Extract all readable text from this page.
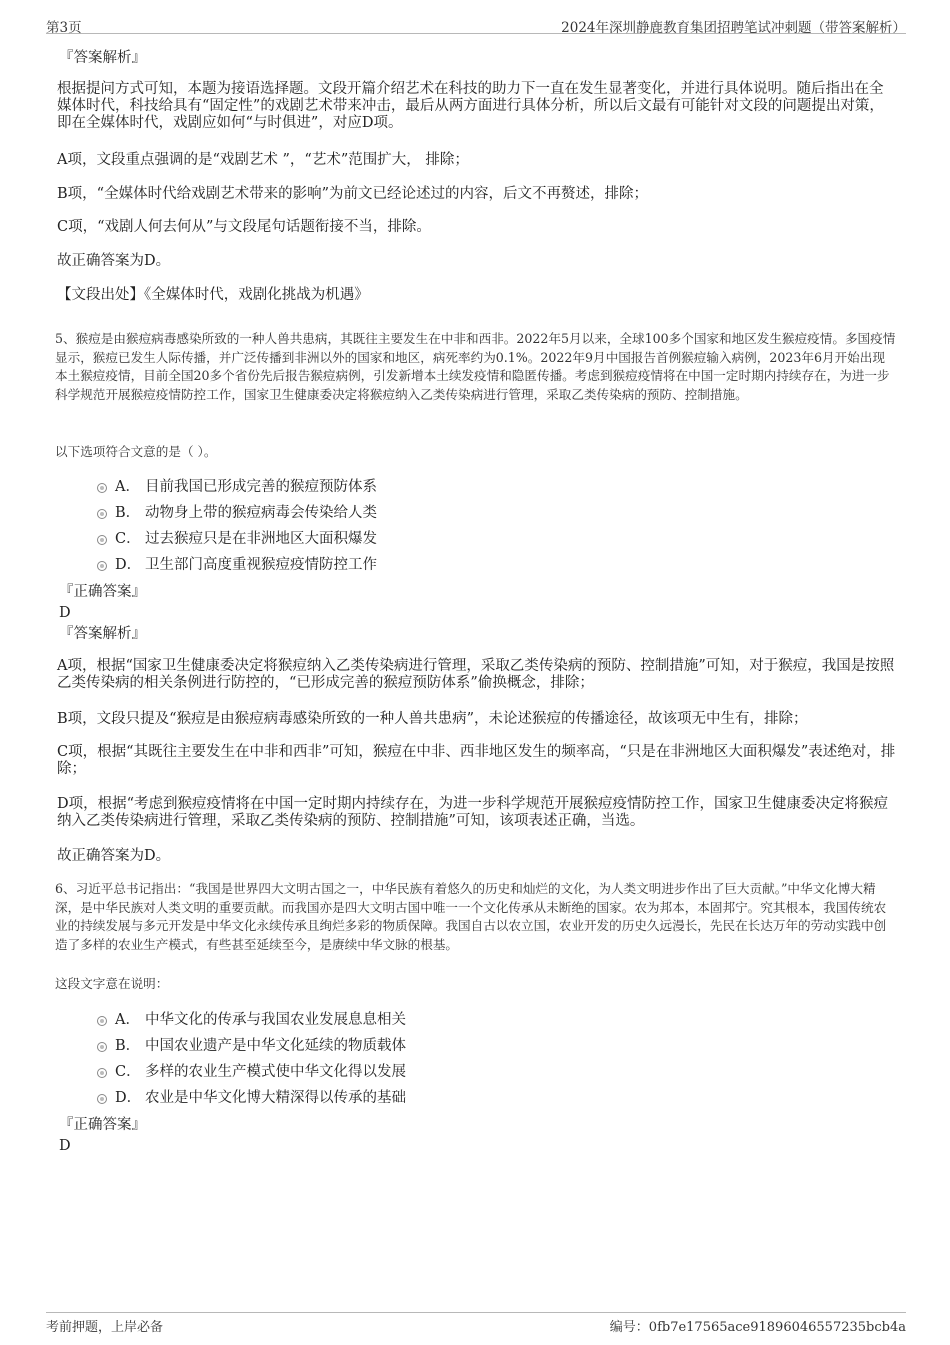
第3页	2024年深圳静鹿教育集团招聘笔试冲刺题（带答案解析）
『答案解析』
根据提问方式可知，本题为接语选择题。文段开篇介绍艺术在科技的助力下一直在发生显著变化，并进行具体说明。随后指出在全媒体时代，科技给具有“固定性”的戏剧艺术带来冲击，最后从两方面进行具体分析，所以后文最有可能针对文段的问题提出对策，即在全媒体时代，戏剧应如何“与时俱进”，对应D项。
A项，文段重点强调的是“戏剧艺术 ”，“艺术”范围扩大， 排除；
B项，“全媒体时代给戏剧艺术带来的影响”为前文已经论述过的内容，后文不再赘述，排除；
C项，“戏剧人何去何从”与文段尾句话题衔接不当，排除。
故正确答案为D。
【文段出处】《全媒体时代，戏剧化挑战为机遇》
5、猴痘是由猴痘病毒感染所致的一种人兽共患病，其既往主要发生在中非和西非。2022年5月以来，全球100多个国家和地区发生猴痘疫情。多国疫情显示，猴痘已发生人际传播，并广泛传播到非洲以外的国家和地区，病死率约为0.1%。2022年9月中国报告首例猴痘输入病例，2023年6月开始出现本土猴痘疫情，目前全国20多个省份先后报告猴痘病例，引发新增本土续发疫情和隐匿传播。考虑到猴痘疫情将在中国一定时期内持续存在，为进一步科学规范开展猴痘疫情防控工作，国家卫生健康委决定将猴痘纳入乙类传染病进行管理，采取乙类传染病的预防、控制措施。
以下选项符合文意的是（ ）。
A． 目前我国已形成完善的猴痘预防体系
B． 动物身上带的猴痘病毒会传染给人类
C． 过去猴痘只是在非洲地区大面积爆发
D． 卫生部门高度重视猴痘疫情防控工作
『正确答案』
D
『答案解析』
A项，根据“国家卫生健康委决定将猴痘纳入乙类传染病进行管理，采取乙类传染病的预防、控制措施”可知，对于猴痘，我国是按照乙类传染病的相关条例进行防控的，“已形成完善的猴痘预防体系”偷换概念，排除；
B项，文段只提及“猴痘是由猴痘病毒感染所致的一种人兽共患病”，未论述猴痘的传播途径，故该项无中生有，排除；
C项，根据“其既往主要发生在中非和西非”可知，猴痘在中非、西非地区发生的频率高，“只是在非洲地区大面积爆发”表述绝对，排除；
D项，根据“考虑到猴痘疫情将在中国一定时期内持续存在，为进一步科学规范开展猴痘疫情防控工作，国家卫生健康委决定将猴痘纳入乙类传染病进行管理，采取乙类传染病的预防、控制措施”可知，该项表述正确，当选。
故正确答案为D。
6、习近平总书记指出：“我国是世界四大文明古国之一，中华民族有着悠久的历史和灿烂的文化，为人类文明进步作出了巨大贡献。”中华文化博大精深，是中华民族对人类文明的重要贡献。而我国亦是四大文明古国中唯一一个文化传承从未断绝的国家。农为邦本，本固邦宁。究其根本，我国传统农业的持续发展与多元开发是中华文化永续传承且绚烂多彩的物质保障。我国自古以农立国，农业开发的历史久远漫长，先民在长达万年的劳动实践中创造了多样的农业生产模式，有些甚至延续至今，是赓续中华文脉的根基。
这段文字意在说明：
A． 中华文化的传承与我国农业发展息息相关
B． 中国农业遗产是中华文化延续的物质载体
C． 多样的农业生产模式使中华文化得以发展
D． 农业是中华文化博大精深得以传承的基础
『正确答案』
D
考前押题，上岸必备	编号：0fb7e17565ace91896046557235bcb4a
